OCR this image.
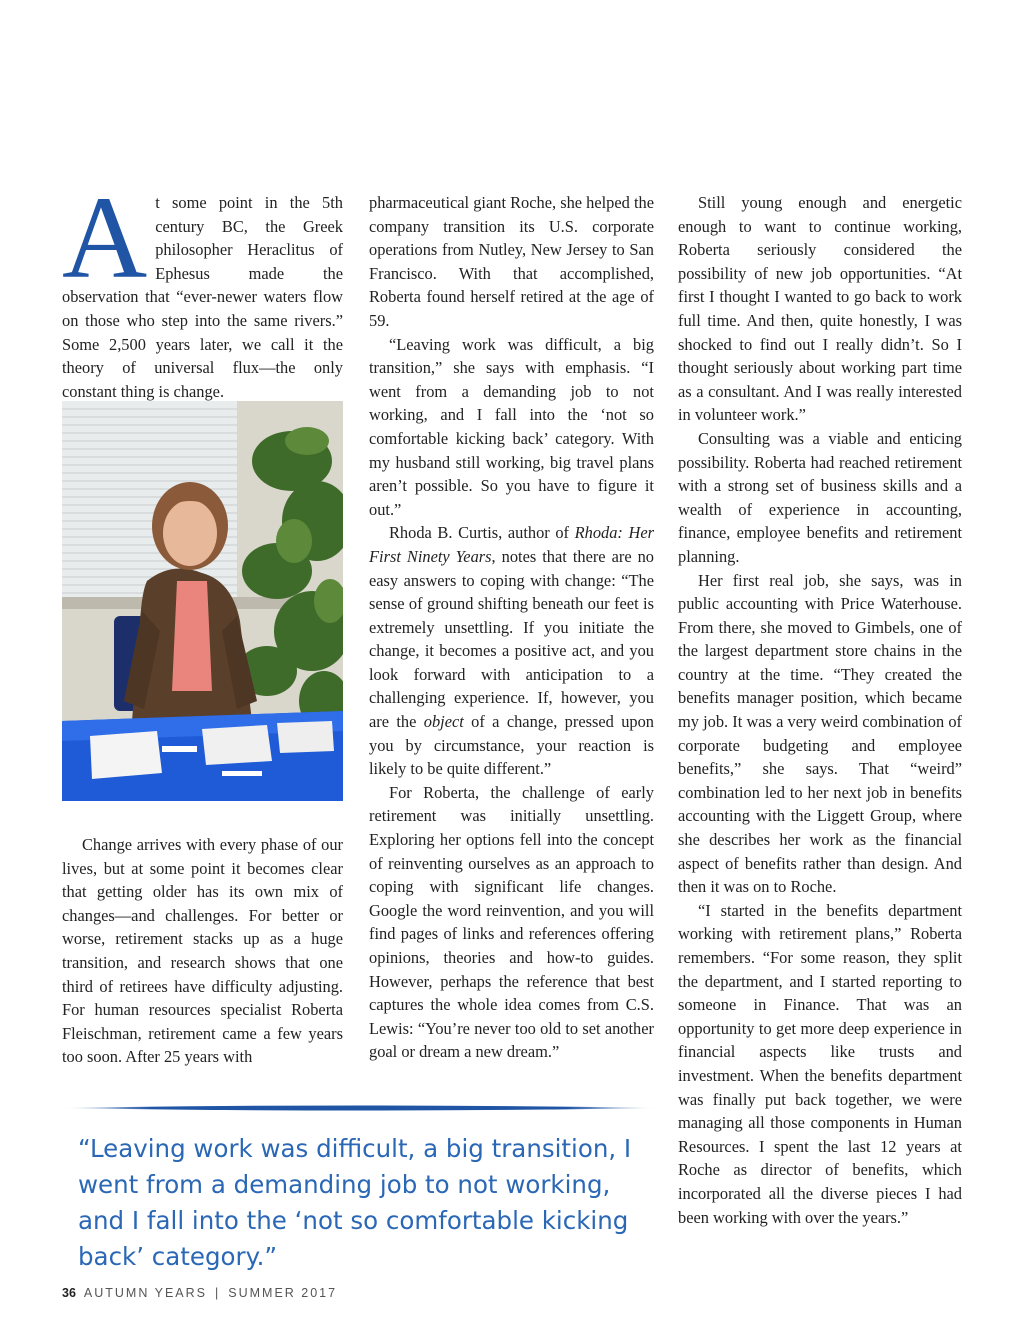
A t some point in the 5th century BC, the Greek philosopher Heraclitus of Ephesus made the observation that “ever-newer waters flow on those who step into the same rivers.” Some 2,500 years later, we call it the theory of universal flux—the only constant thing is change.

Change arrives with every phase of our lives, but at some point it becomes clear that getting older has its own mix of changes—and challenges. For better or worse, retirement stacks up as a huge transition, and research shows that one third of retirees have difficulty adjusting. For human resources specialist Roberta Fleischman, retirement came a few years too soon. After 25 years with

pharmaceutical giant Roche, she helped the company transition its U.S. corporate operations from Nutley, New Jersey to San Francisco. With that accomplished, Roberta found herself retired at the age of 59.

“Leaving work was difficult, a big transition,” she says with emphasis. “I went from a demanding job to not working, and I fall into the ‘not so comfortable kicking back’ category. With my husband still working, big travel plans aren’t possible. So you have to figure it out.”

Rhoda B. Curtis, author of Rhoda: Her First Ninety Years, notes that there are no easy answers to coping with change: “The sense of ground shifting beneath our feet is extremely unsettling. If you initiate the change, it becomes a positive act, and you look forward with anticipation to a challenging experience. If, however, you are the object of a change, pressed upon you by circumstance, your reaction is likely to be quite different.”

For Roberta, the challenge of early retirement was initially unsettling. Exploring her options fell into the concept of reinventing ourselves as an approach to coping with significant life changes. Google the word reinvention, and you will find pages of links and references offering opinions, theories and how-to guides. However, perhaps the reference that best captures the whole idea comes from C.S. Lewis: “You’re never too old to set another goal or dream a new dream.”

Still young enough and energetic enough to want to continue working, Roberta seriously considered the possibility of new job opportunities. “At first I thought I wanted to go back to work full time. And then, quite honestly, I was shocked to find out I really didn’t. So I thought seriously about working part time as a consultant. And I was really interested in volunteer work.”

Consulting was a viable and enticing possibility. Roberta had reached retirement with a strong set of business skills and a wealth of experience in accounting, finance, employee benefits and retirement planning.

Her first real job, she says, was in public accounting with Price Waterhouse. From there, she moved to Gimbels, one of the largest department store chains in the country at the time. “They created the benefits manager position, which became my job. It was a very weird combination of corporate budgeting and employee benefits,” she says. That “weird” combination led to her next job in benefits accounting with the Liggett Group, where she describes her work as the financial aspect of benefits rather than design. And then it was on to Roche.

“I started in the benefits department working with retirement plans,” Roberta remembers. “For some reason, they split the department, and I started reporting to someone in Finance. That was an opportunity to get more deep experience in financial aspects like trusts and investment. When the benefits department was finally put back together, we were managing all those components in Human Resources. I spent the last 12 years at Roche as director of benefits, which incorporated all the diverse pieces I had been working with over the years.”

“Leaving work was difficult, a big transition, I went from a demanding job to not working, and I fall into the ‘not so comfortable kicking back’ category.”
36 AUTUMN YEARS | SUMMER 2017
